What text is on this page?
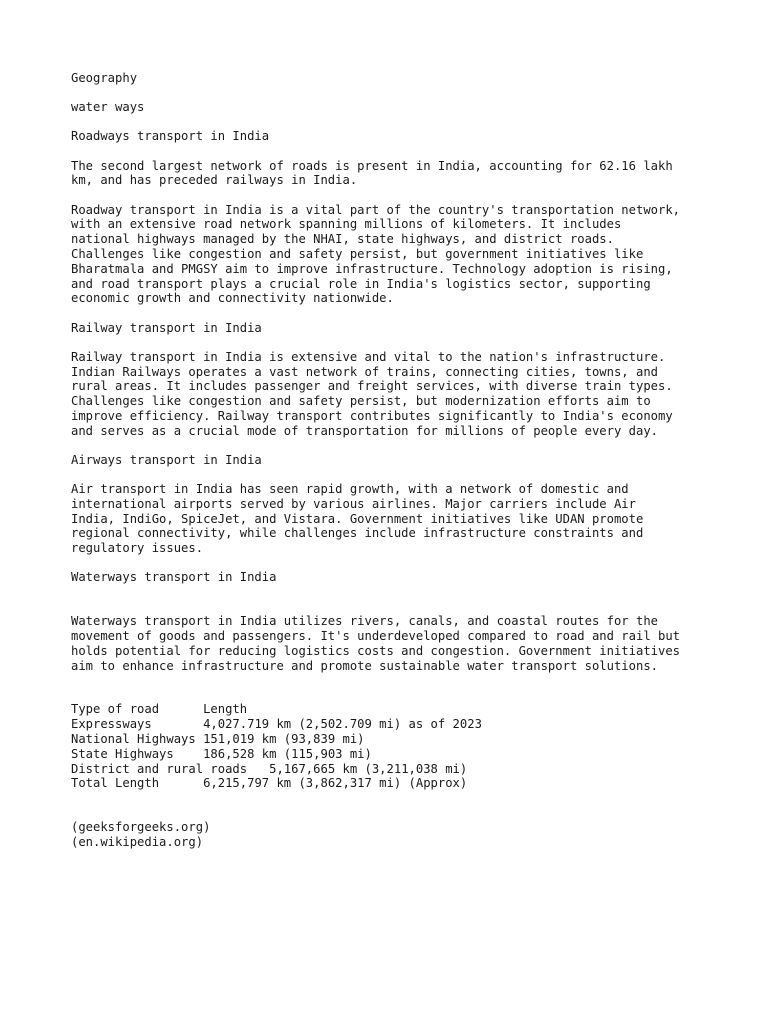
Geography
water ways
Roadways transport in India
The second largest network of roads is present in India, accounting for 62.16 lakh
km, and has preceded railways in India.
Roadway transport in India is a vital part of the country's transportation network,
with an extensive road network spanning millions of kilometers. It includes
national highways managed by the NHAI, state highways, and district roads.
Challenges like congestion and safety persist, but government initiatives like
Bharatmala and PMGSY aim to improve infrastructure. Technology adoption is rising,
and road transport plays a crucial role in India's logistics sector, supporting
economic growth and connectivity nationwide.
Railway transport in India
Railway transport in India is extensive and vital to the nation's infrastructure.
Indian Railways operates a vast network of trains, connecting cities, towns, and
rural areas. It includes passenger and freight services, with diverse train types.
Challenges like congestion and safety persist, but modernization efforts aim to
improve efficiency. Railway transport contributes significantly to India's economy
and serves as a crucial mode of transportation for millions of people every day.
Airways transport in India
Air transport in India has seen rapid growth, with a network of domestic and
international airports served by various airlines. Major carriers include Air
India, IndiGo, SpiceJet, and Vistara. Government initiatives like UDAN promote
regional connectivity, while challenges include infrastructure constraints and
regulatory issues.
Waterways transport in India
Waterways transport in India utilizes rivers, canals, and coastal routes for the
movement of goods and passengers. It's underdeveloped compared to road and rail but
holds potential for reducing logistics costs and congestion. Government initiatives
aim to enhance infrastructure and promote sustainable water transport solutions.
Type of road	Length
Expressways	4,027.719 km (2,502.709 mi) as of 2023
National Highways	151,019 km (93,839 mi)
State Highways	186,528 km (115,903 mi)
District and rural roads	5,167,665 km (3,211,038 mi)
Total Length	6,215,797 km (3,862,317 mi) (Approx)
(geeksforgeeks.org)
(en.wikipedia.org)
